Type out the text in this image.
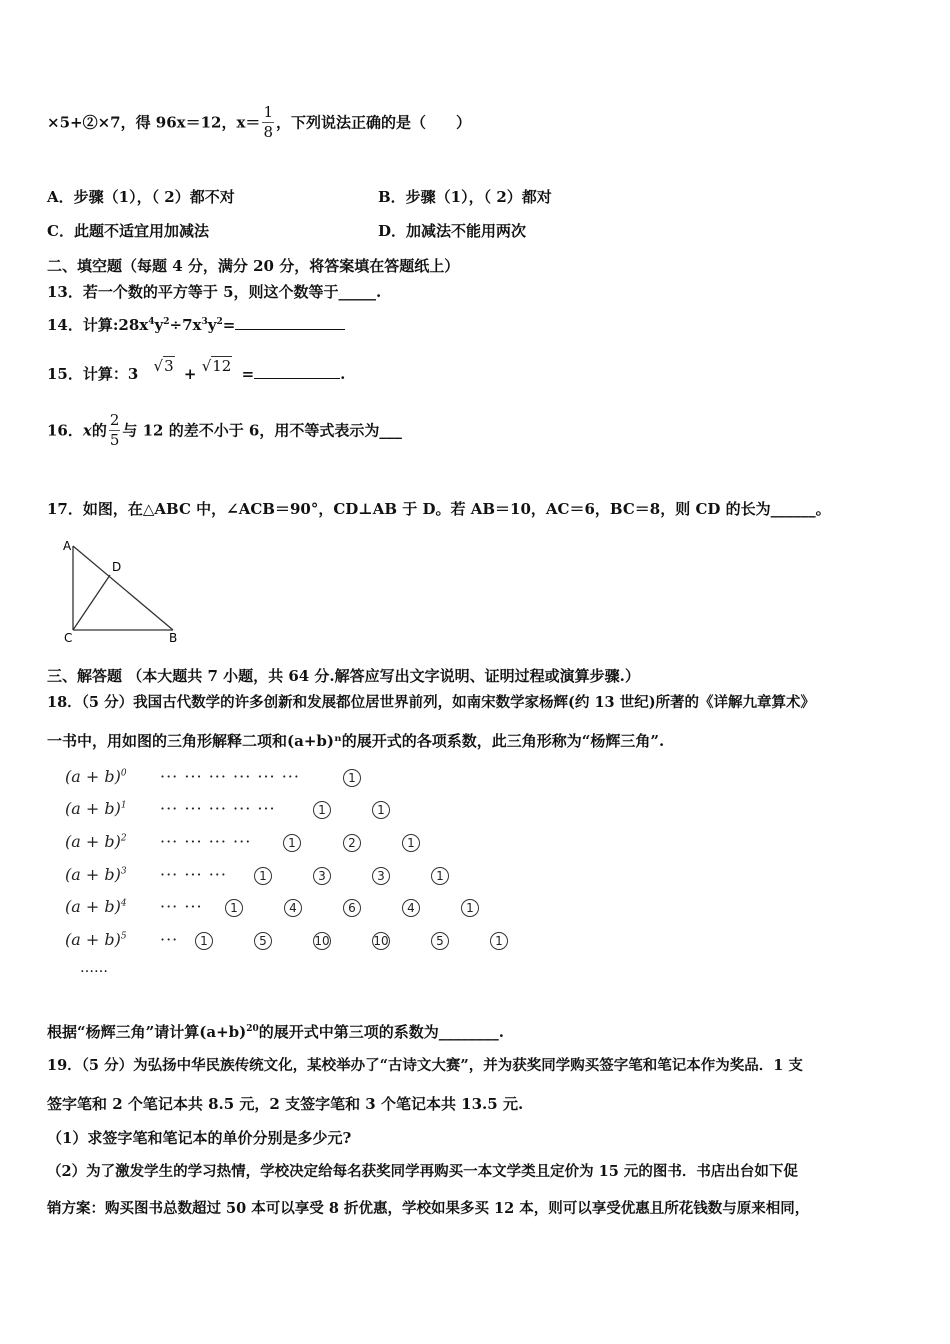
×5+②×7，得 96x＝12，$x= \frac{1}{8}$ ，下列说法正确的是（　　）
A．步骤（1），（ 2）都不对	B．步骤（1），（ 2）都对
C．此题不适宜用加减法	D．加减法不能用两次
二、填空题（每题 4 分，满分 20 分，将答案填在答题纸上）
13．若一个数的平方等于 5，则这个数等于_____.
14．计算$:28x^4y^2\div 7x^3y^2=$
15．计算：3 √3 + √12 =	.
16．x的 $\frac{2}{5}$ 与 12 的差不小于 6，用不等式表示为___
17．如图，在△ABC 中，∠ACB＝90°，CD⊥AB 于 D。若 AB＝10，AC＝6，BC＝8，则 CD 的长为______。
A
D
C	B
三、解答题 （本大题共 7 小题，共 64 分.解答应写出文字说明、证明过程或演算步骤.）
18．（5 分）我国古代数学的许多创新和发展都位居世界前列，如南宋数学家杨辉(约 13 世纪)所著的《详解九章算术》
一书中，用如图的三角形解释二项和(a+b)ⁿ的展开式的各项系数，此三角形称为“杨辉三角”.
$(a + b)^0$ ··· ··· ··· ··· ··· ···	1
$(a + b)^1$ ··· ··· ··· ··· ···	1	1
$(a + b)^2$ ··· ··· ··· ···	1	2	1
$(a + b)^3$ ··· ··· ···	1	3	3	1
$(a + b)^4$ ··· ···	1	4	6	4	1
$(a + b)^5$ ···	1	5	10	10	5	1
……
根据“杨辉三角”请计算$(a+b)^{20}$的展开式中第三项的系数为________.
19．（5 分）为弘扬中华民族传统文化，某校举办了“古诗文大赛”，并为获奖同学购买签字笔和笔记本作为奖品．1 支
签字笔和 2 个笔记本共 8.5 元，2 支签字笔和 3 个笔记本共 13.5 元.
（1）求签字笔和笔记本的单价分别是多少元?
（2）为了激发学生的学习热情，学校决定给每名获奖同学再购买一本文学类且定价为 15 元的图书．书店出台如下促
销方案：购买图书总数超过 50 本可以享受 8 折优惠，学校如果多买 12 本，则可以享受优惠且所花钱数与原来相同，
